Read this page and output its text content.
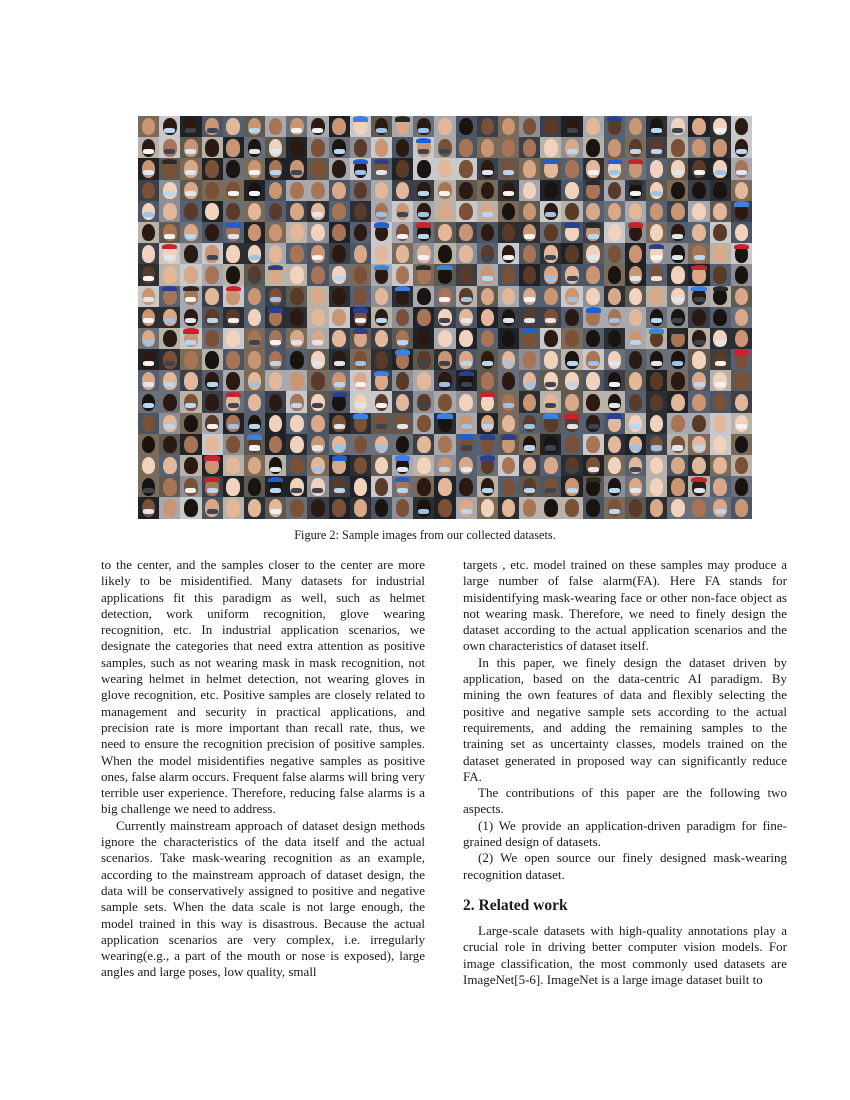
Figure 2: Sample images from our collected datasets.

to the center, and the samples closer to the center are more likely to be misidentified. Many datasets for industrial applications fit this paradigm as well, such as helmet detection, work uniform recognition, glove wearing recognition, etc. In industrial application scenarios, we designate the categories that need extra attention as positive samples, such as not wearing mask in mask recognition, not wearing helmet in helmet detection, not wearing gloves in glove recognition, etc. Positive samples are closely related to management and security in practical applications, and precision rate is more important than recall rate, thus, we need to ensure the recognition precision of positive samples. When the model misidentifies negative samples as positive ones, false alarm occurs. Frequent false alarms will bring very terrible user experience. Therefore, reducing false alarms is a big challenge we need to address.

Currently mainstream approach of dataset design methods ignore the characteristics of the data itself and the actual scenarios. Take mask-wearing recognition as an example, according to the mainstream approach of dataset design, the data will be conservatively assigned to positive and negative sample sets. When the data scale is not large enough, the model trained in this way is disastrous. Because the actual application scenarios are very complex, i.e. irregularly wearing(e.g., a part of the mouth or nose is exposed), large angles and large poses, low quality, small

targets , etc. model trained on these samples may produce a large number of false alarm(FA). Here FA stands for misidentifying mask-wearing face or other non-face object as not wearing mask. Therefore, we need to finely design the dataset according to the actual application scenarios and the own characteristics of dataset itself.

In this paper, we finely design the dataset driven by application, based on the data-centric AI paradigm. By mining the own features of data and flexibly selecting the positive and negative sample sets according to the actual requirements, and adding the remaining samples to the training set as uncertainty classes, models trained on the dataset generated in proposed way can significantly reduce FA.

The contributions of this paper are the following two aspects.

(1) We provide an application-driven paradigm for fine-grained design of datasets.

(2) We open source our finely designed mask-wearing recognition dataset.

2. Related work

Large-scale datasets with high-quality annotations play a crucial role in driving better computer vision models. For image classification, the most commonly used datasets are ImageNet[5-6]. ImageNet is a large image dataset built to
